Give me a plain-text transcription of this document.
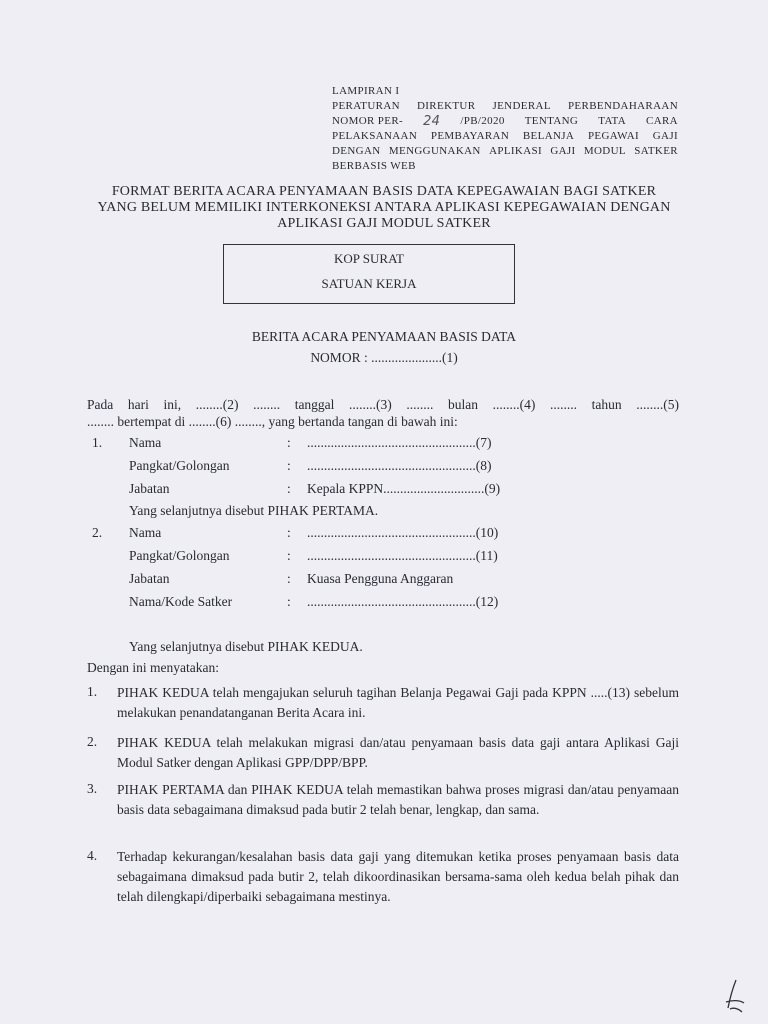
LAMPIRAN I
PERATURAN DIREKTUR JENDERAL PERBENDAHARAAN
NOMOR PER- 24 /PB/2020 TENTANG TATA CARA
PELAKSANAAN PEMBAYARAN BELANJA PEGAWAI GAJI
DENGAN MENGGUNAKAN APLIKASI GAJI MODUL SATKER
BERBASIS WEB
FORMAT BERITA ACARA PENYAMAAN BASIS DATA KEPEGAWAIAN BAGI SATKER
YANG BELUM MEMILIKI INTERKONEKSI ANTARA APLIKASI KEPEGAWAIAN DENGAN
APLIKASI GAJI MODUL SATKER
KOP SURAT
SATUAN KERJA
BERITA ACARA PENYAMAAN BASIS DATA
NOMOR : .....................(1)
Pada hari ini, ........(2) ........ tanggal ........(3) ........ bulan ........(4) ........ tahun ........(5)
........ bertempat di ........(6) ........, yang bertanda tangan di bawah ini:
1. Nama	: ..................................................(7)
Pangkat/Golongan	: ..................................................(8)
Jabatan	: Kepala KPPN..............................(9)
Yang selanjutnya disebut PIHAK PERTAMA.
2. Nama	: ..................................................(10)
Pangkat/Golongan	: ..................................................(11)
Jabatan	: Kuasa Pengguna Anggaran
Nama/Kode Satker	: ..................................................(12)
Yang selanjutnya disebut PIHAK KEDUA.
Dengan ini menyatakan:
1. PIHAK KEDUA telah mengajukan seluruh tagihan Belanja Pegawai Gaji pada KPPN .....(13) sebelum melakukan penandatanganan Berita Acara ini.
2. PIHAK KEDUA telah melakukan migrasi dan/atau penyamaan basis data gaji antara Aplikasi Gaji Modul Satker dengan Aplikasi GPP/DPP/BPP.
3. PIHAK PERTAMA dan PIHAK KEDUA telah memastikan bahwa proses migrasi dan/atau penyamaan basis data sebagaimana dimaksud pada butir 2 telah benar, lengkap, dan sama.
4. Terhadap kekurangan/kesalahan basis data gaji yang ditemukan ketika proses penyamaan basis data sebagaimana dimaksud pada butir 2, telah dikoordinasikan bersama-sama oleh kedua belah pihak dan telah dilengkapi/diperbaiki sebagaimana mestinya.
